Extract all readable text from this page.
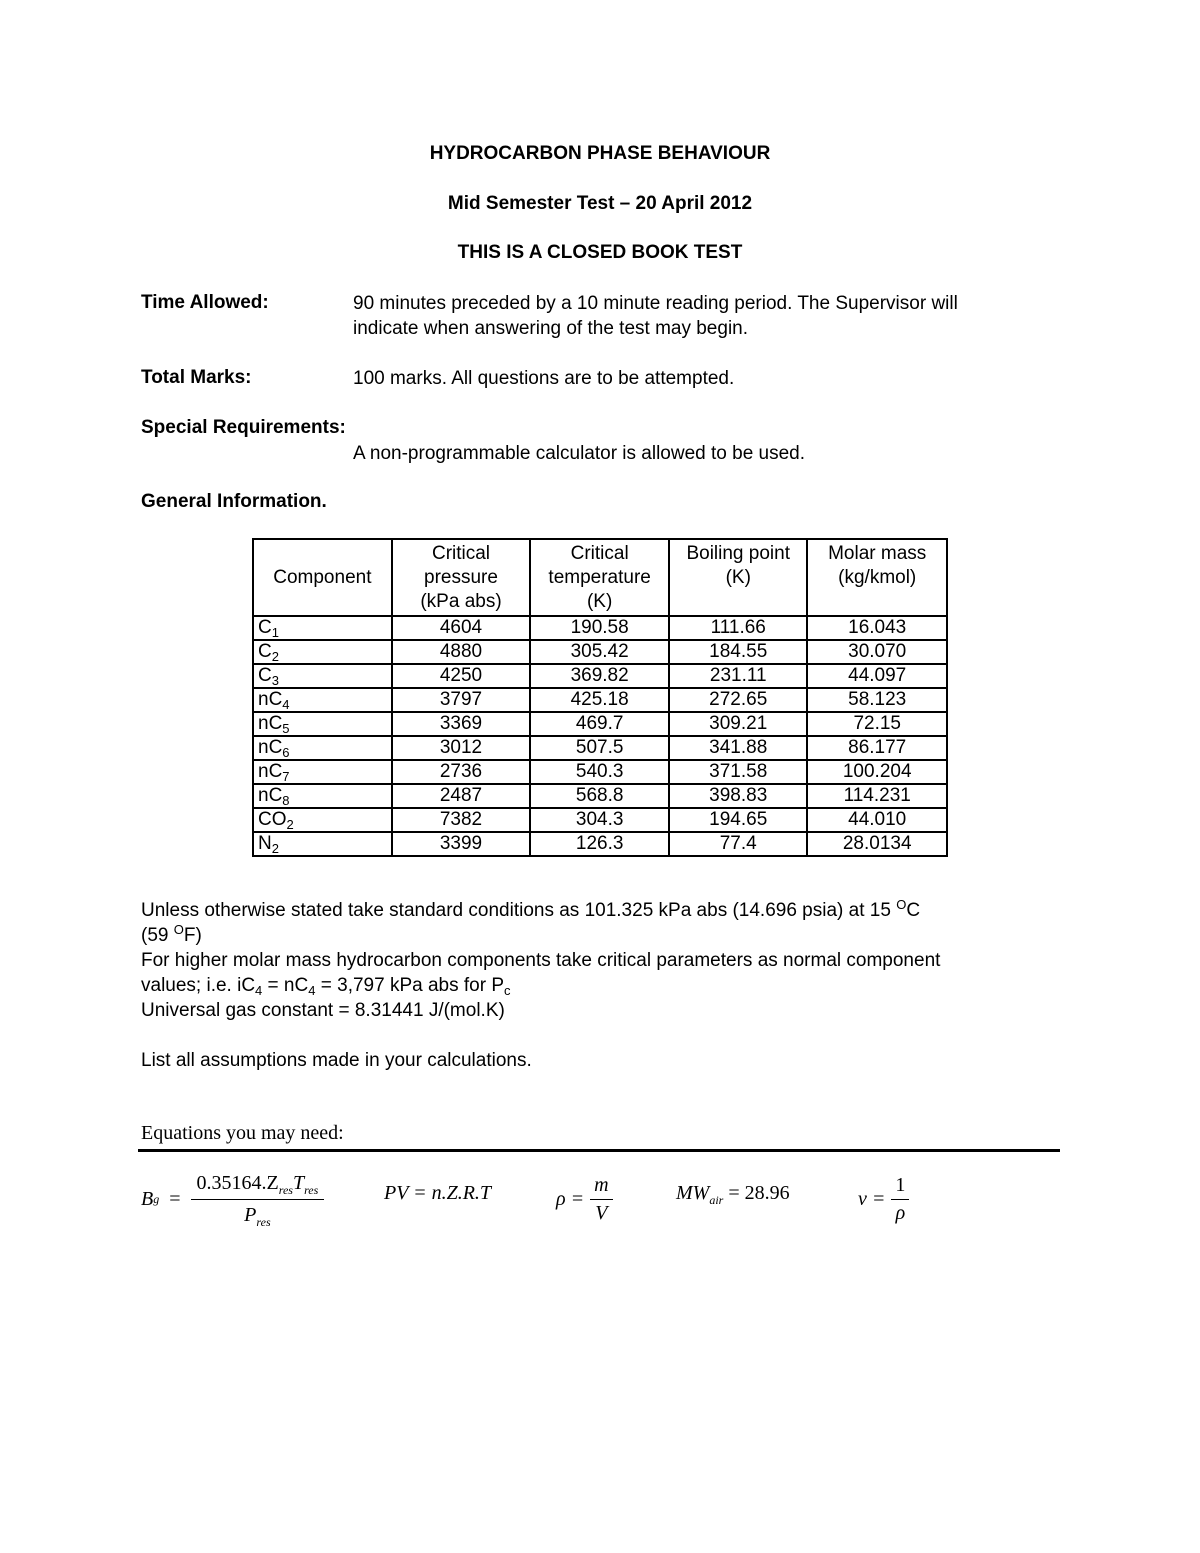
HYDROCARBON PHASE BEHAVIOUR
Mid Semester Test – 20 April 2012
THIS IS A CLOSED BOOK TEST
Time Allowed:	90 minutes preceded by a 10 minute reading period. The Supervisor will
indicate when answering of the test may begin.
Total Marks:	100 marks. All questions are to be attempted.
Special Requirements:
A non-programmable calculator is allowed to be used.
General Information.
Component	Critical
pressure
(kPa abs)	Critical
temperature
(K)	Boiling point
(K)	Molar mass
(kg/kmol)
$C_1$	4604	190.58	111.66	16.043
$C_2$	4880	305.42	184.55	30.070
$C_3$	4250	369.82	231.11	44.097
$nC_4$	3797	425.18	272.65	58.123
$nC_5$	3369	469.7	309.21	72.15
$nC_6$	3012	507.5	341.88	86.177
$nC_7$	2736	540.3	371.58	100.204
$nC_8$	2487	568.8	398.83	114.231
$CO_2$	7382	304.3	194.65	44.010
$N_2$	3399	126.3	77.4	28.0134
Unless otherwise stated take standard conditions as 101.325 kPa abs (14.696 psia) at 15 $^O$C
(59 $^O$F)
For higher molar mass hydrocarbon components take critical parameters as normal component
values; i.e. $iC_4 = nC_4 = 3,797$ kPa abs for $P_c$
Universal gas constant = 8.31441 J/(mol.K)
List all assumptions made in your calculations.
Equations you may need:
B $g = \frac{0.35164.Z_{res}T_{res}}{P_{res}}$	PV = n.Z.R.T	$\rho = \frac{m}{V}$	$MW_{air} = 28.96$	$v = \frac{1}{\rho}$
